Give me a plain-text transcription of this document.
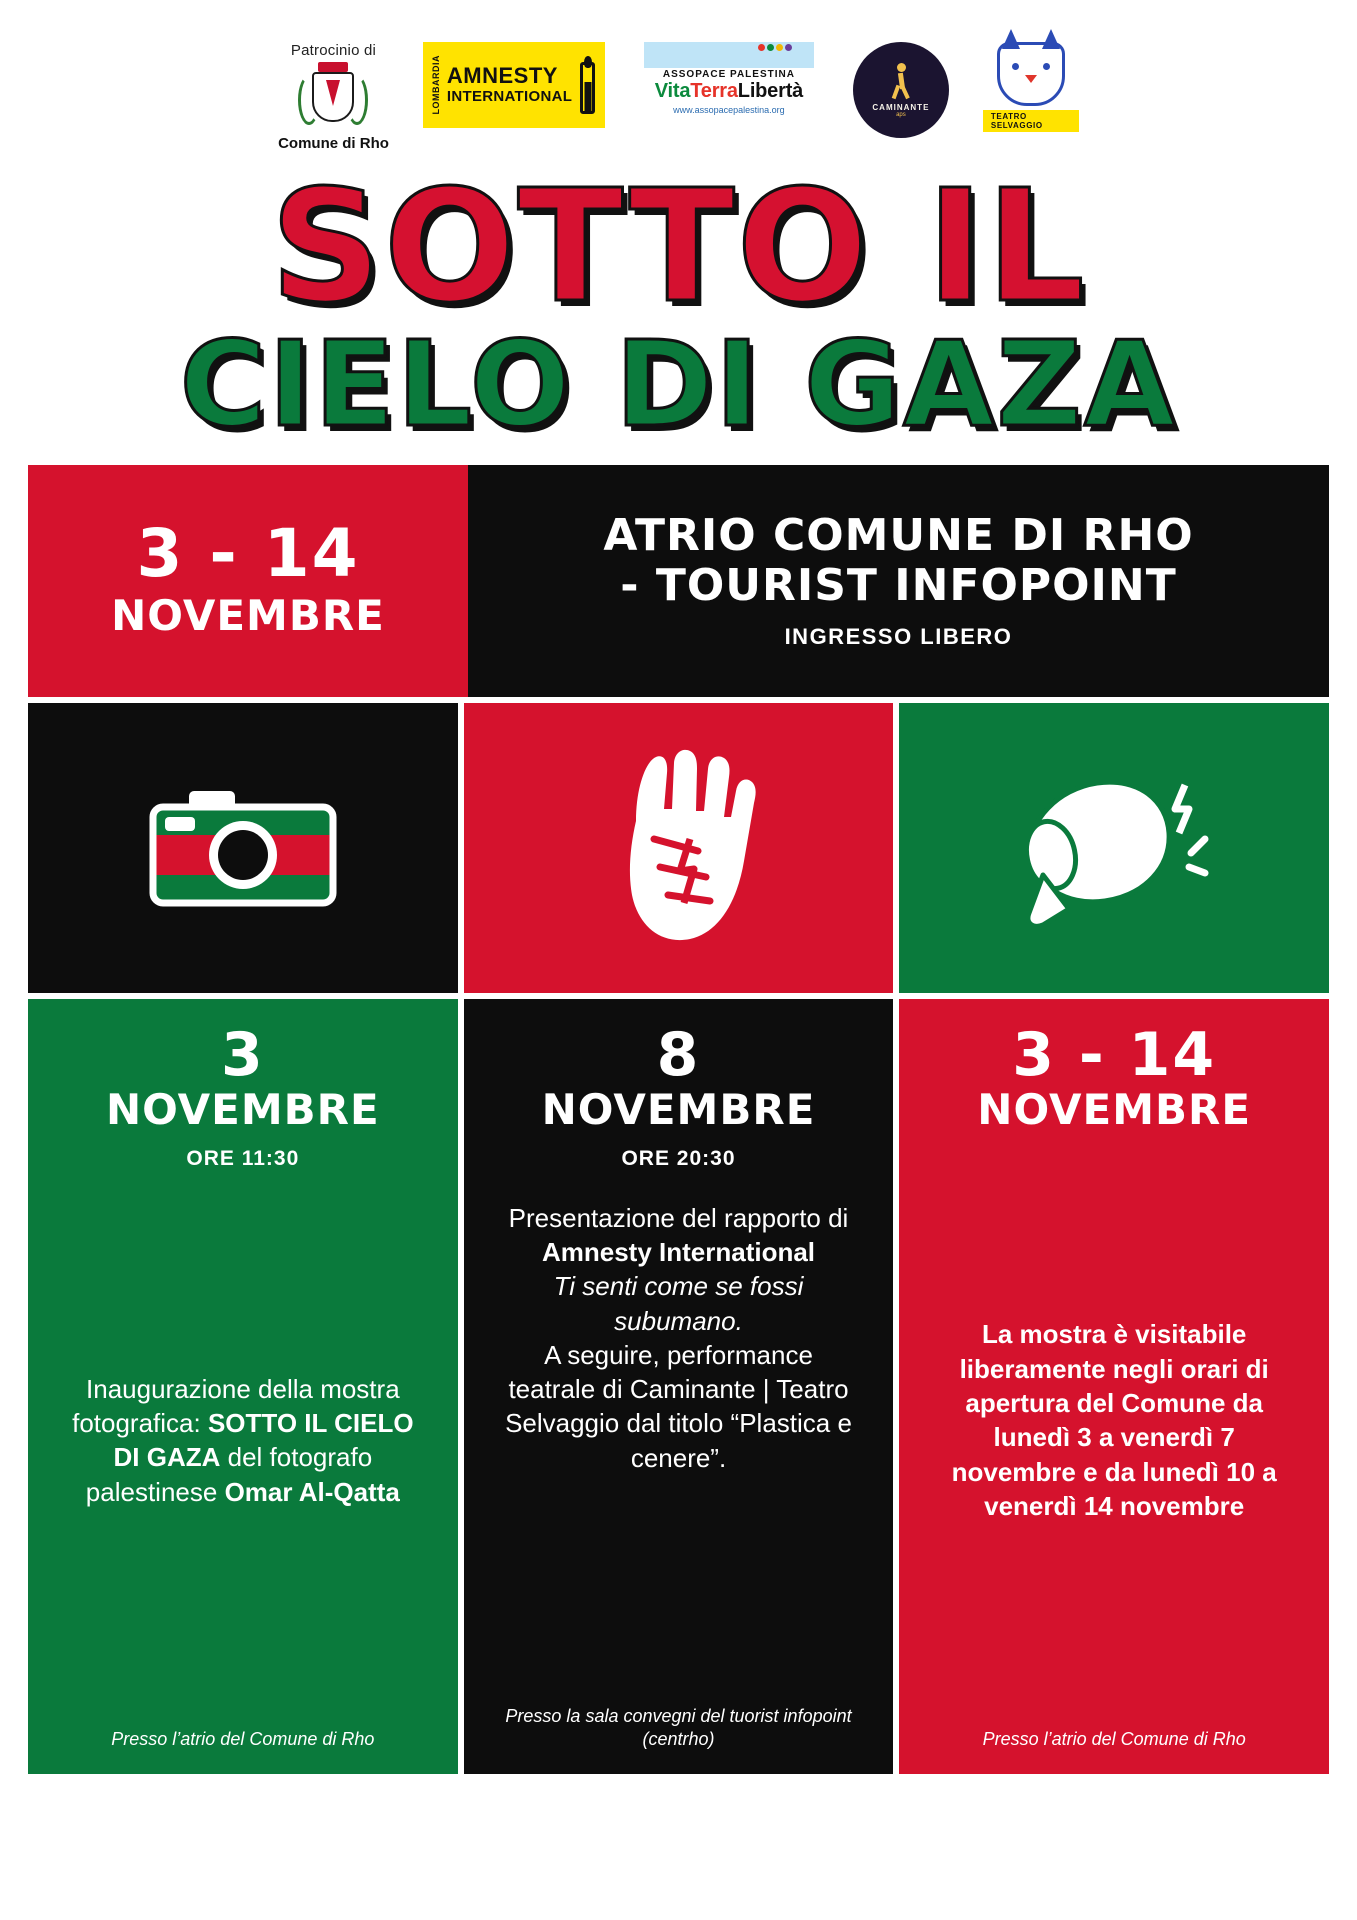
Patrocinio di
Comune di Rho
LOMBARDIA AMNESTY
INTERNATIONAL
ASSOPACE PALESTINA
VitaTerraLibertà
www.assopacepalestina.org	CAMINANTE
aps	TEATRO SELVAGGIO
SOTTO IL
CIELO DI GAZA
3 - 14
NOVEMBRE
ATRIO COMUNE DI RHO
- TOURIST INFOPOINT
INGRESSO LIBERO
3
NOVEMBRE
ORE 11:30
Inaugurazione della mostra fotografica: SOTTO IL CIELO DI GAZA del fotografo palestinese Omar Al-Qatta
Presso l’atrio del Comune di Rho
8
NOVEMBRE
ORE 20:30
Presentazione del rapporto di Amnesty International
Ti senti come se fossi subumano.
A seguire, performance teatrale di Caminante | Teatro Selvaggio dal titolo “Plastica e cenere”.
Presso la sala convegni del tuorist infopoint (centrho)
3 - 14
NOVEMBRE
La mostra è visitabile liberamente negli orari di apertura del Comune da lunedì 3 a venerdì 7 novembre e da lunedì 10 a venerdì 14 novembre
Presso l’atrio del Comune di Rho
